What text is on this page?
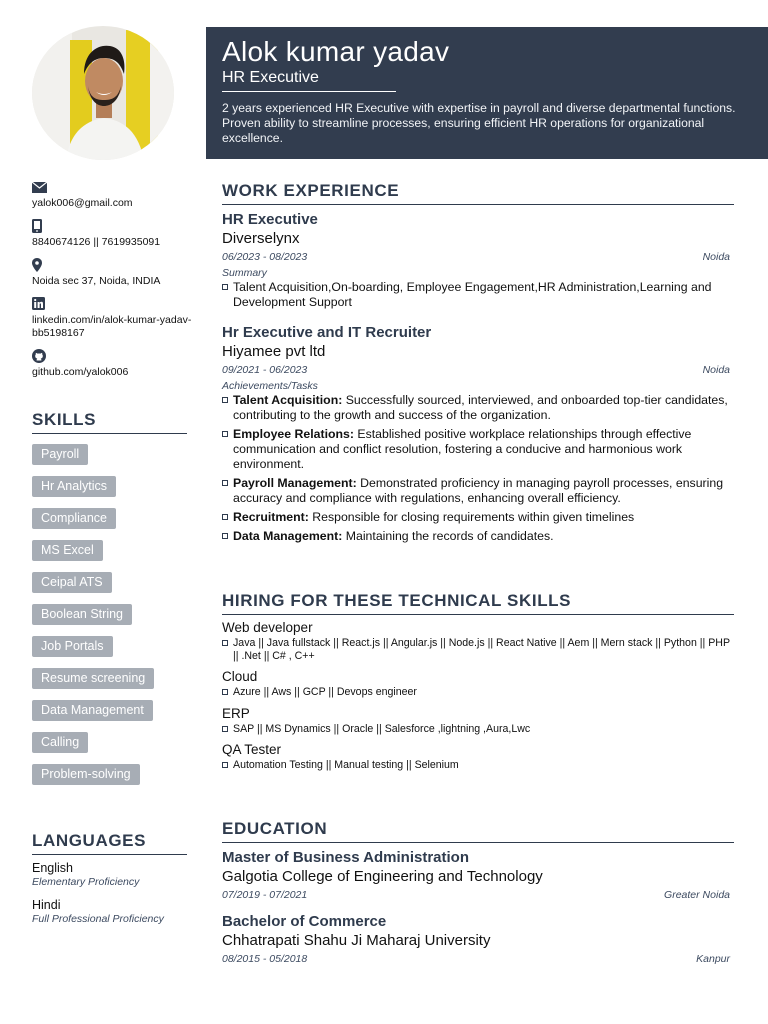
yalok006@gmail.com
8840674126 || 7619935091
Noida sec 37, Noida, INDIA
linkedin.com/in/alok-kumar-yadav-bb5198167
github.com/yalok006
SKILLS
Payroll
Hr Analytics
Compliance
MS Excel
Ceipal ATS
Boolean String
Job Portals
Resume screening
Data Management
Calling
Problem-solving
LANGUAGES
English
Elementary Proficiency
Hindi
Full Professional Proficiency
Alok kumar yadav
HR Executive
2 years experienced HR Executive with expertise in payroll and diverse departmental functions. Proven ability to streamline processes, ensuring efficient HR operations for organizational excellence.
WORK EXPERIENCE
HR Executive
Diverselynx
06/2023 - 08/2023	Noida
Summary
Talent Acquisition,On-boarding, Employee Engagement,HR Administration,Learning and Development Support
Hr Executive and IT Recruiter
Hiyamee pvt ltd
09/2021 - 06/2023	Noida
Achievements/Tasks
Talent Acquisition: Successfully sourced, interviewed, and onboarded top-tier candidates, contributing to the growth and success of the organization.
Employee Relations: Established positive workplace relationships through effective communication and conflict resolution, fostering a conducive and harmonious work environment.
Payroll Management: Demonstrated proficiency in managing payroll processes, ensuring accuracy and compliance with regulations, enhancing overall efficiency.
Recruitment: Responsible for closing requirements within given timelines
Data Management: Maintaining the records of candidates.
HIRING FOR THESE TECHNICAL SKILLS
Web developer
Java || Java fullstack || React.js || Angular.js || Node.js || React Native || Aem || Mern stack || Python || PHP || .Net || C# , C++
Cloud
Azure || Aws || GCP || Devops engineer
ERP
SAP || MS Dynamics || Oracle || Salesforce ,lightning ,Aura,Lwc
QA Tester
Automation Testing || Manual testing || Selenium
EDUCATION
Master of Business Administration
Galgotia College of Engineering and Technology
07/2019 - 07/2021	Greater Noida
Bachelor of Commerce
Chhatrapati Shahu Ji Maharaj University
08/2015 - 05/2018	Kanpur
